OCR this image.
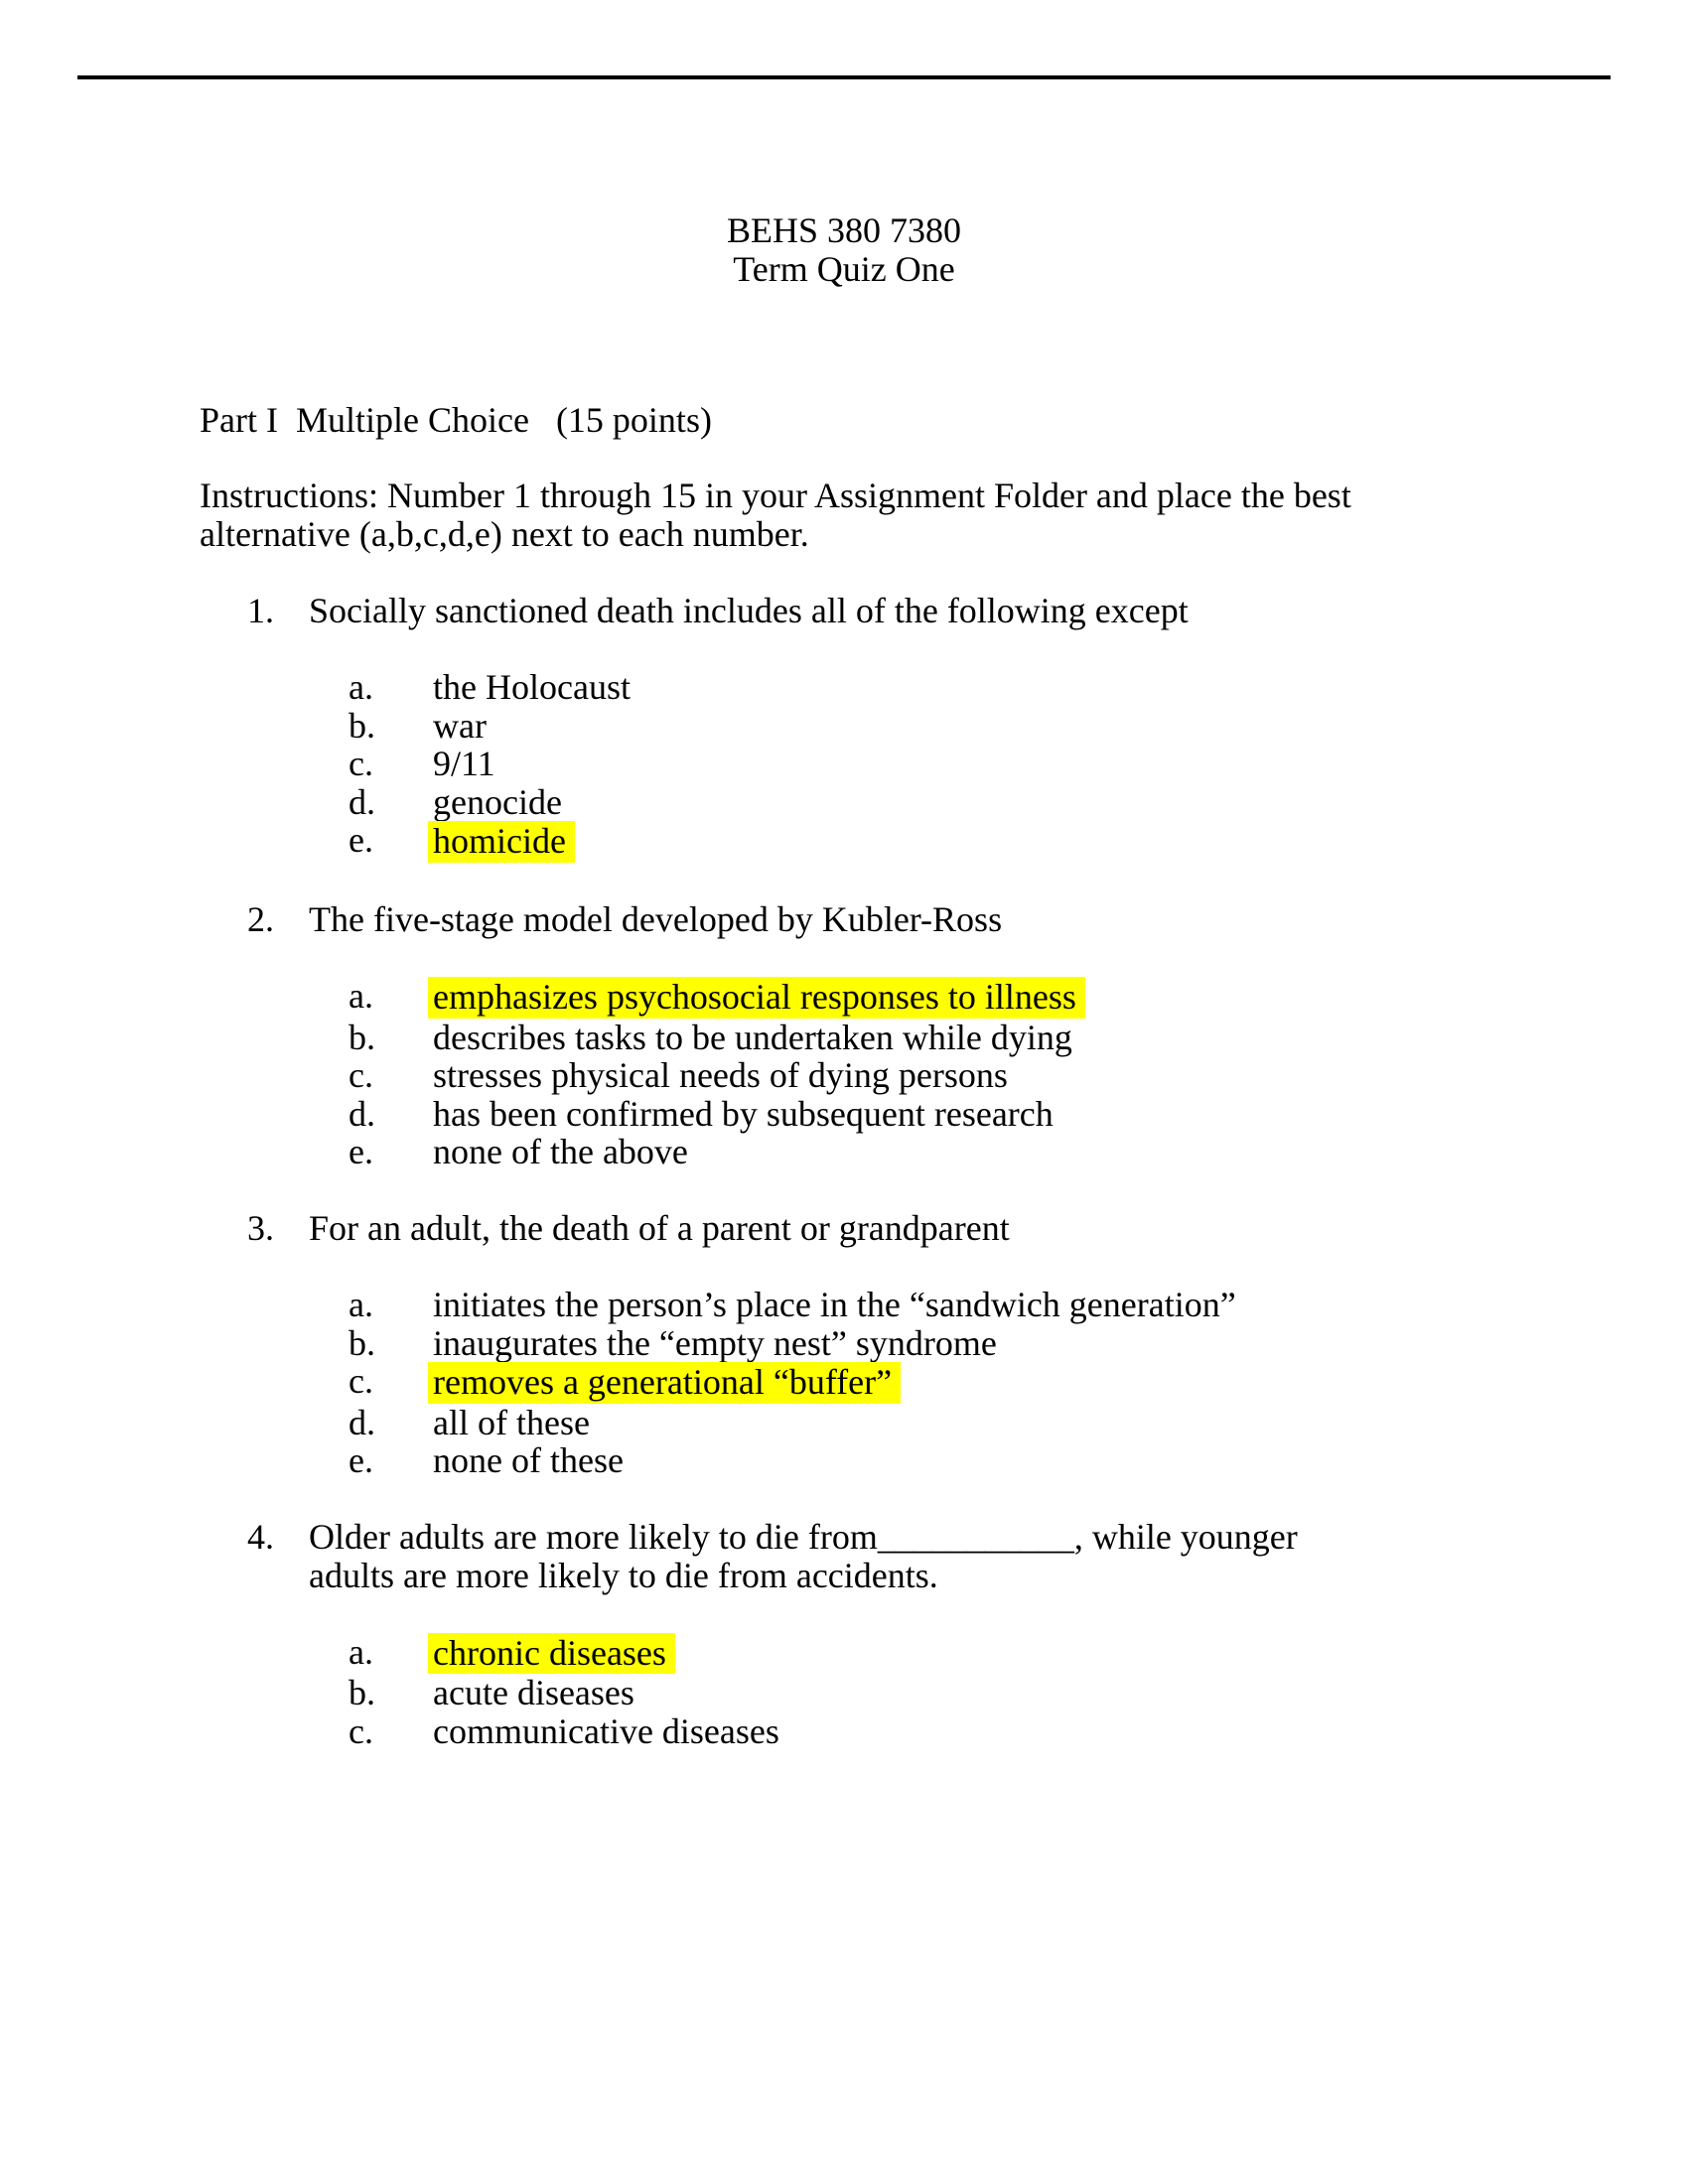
BEHS 380 7380
Term Quiz One
Part I  Multiple Choice   (15 points)
Instructions: Number 1 through 15 in your Assignment Folder and place the best alternative (a,b,c,d,e) next to each number.
1. Socially sanctioned death includes all of the following except
a.	the Holocaust
b.	war
c.	9/11
d.	genocide
e.	homicide
2. The five-stage model developed by Kubler-Ross
a.	emphasizes psychosocial responses to illness
b.	describes tasks to be undertaken while dying
c.	stresses physical needs of dying persons
d.	has been confirmed by subsequent research
e.	none of the above
3. For an adult, the death of a parent or grandparent
a.	initiates the person’s place in the “sandwich generation”
b.	inaugurates the “empty nest” syndrome
c.	removes a generational “buffer”
d.	all of these
e.	none of these
4. Older adults are more likely to die from___________, while younger adults are more likely to die from accidents.
a.	chronic diseases
b.	acute diseases
c.	communicative diseases
